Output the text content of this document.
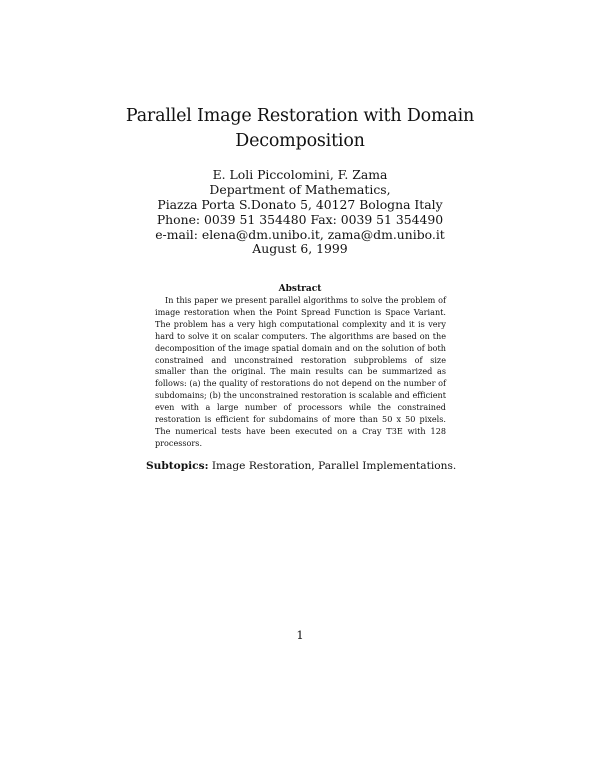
Parallel Image Restoration with Domain Decomposition
E. Loli Piccolomini, F. Zama
Department of Mathematics,
Piazza Porta S.Donato 5, 40127 Bologna Italy
Phone: 0039 51 354480 Fax: 0039 51 354490
e-mail: elena@dm.unibo.it, zama@dm.unibo.it
August 6, 1999
Abstract

In this paper we present parallel algorithms to solve the problem of image restoration when the Point Spread Function is Space Variant. The problem has a very high computational complexity and it is very hard to solve it on scalar computers. The algorithms are based on the decomposition of the image spatial domain and on the solution of both constrained and unconstrained restoration subproblems of size smaller than the original. The main results can be summarized as follows: (a) the quality of restorations do not depend on the number of subdomains; (b) the unconstrained restoration is scalable and efficient even with a large number of processors while the constrained restoration is efficient for subdomains of more than 50 x 50 pixels. The numerical tests have been executed on a Cray T3E with 128 processors.

Subtopics: Image Restoration, Parallel Implementations.
1
